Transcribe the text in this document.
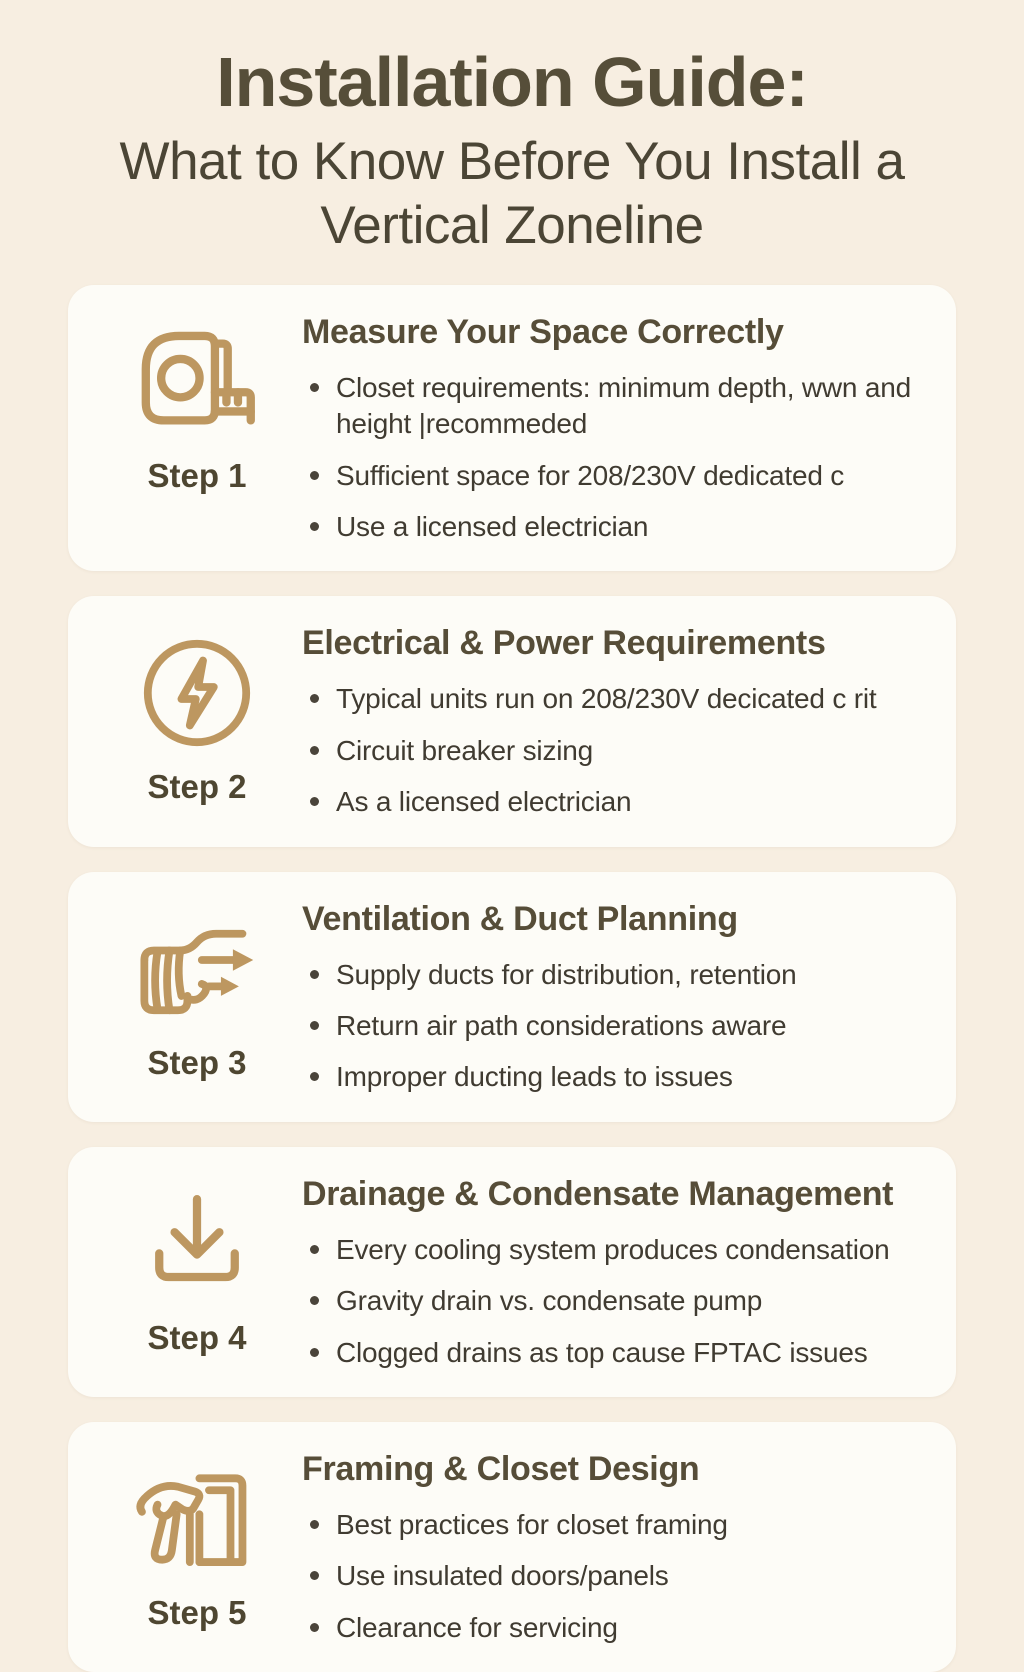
Installation Guide:
What to Know Before You Install a Vertical Zoneline
Step 1
Measure Your Space Correctly
Closet requirements: minimum depth, wwn and height |recommeded
Sufficient space for 208/230V dedicated c
Use a licensed electrician
Step 2
Electrical & Power Requirements
Typical units run on 208/230V decicated c rit
Circuit breaker sizing
As a licensed electrician
Step 3
Ventilation & Duct Planning
Supply ducts for distribution, retention
Return air path considerations aware
Improper ducting leads to issues
Step 4
Drainage & Condensate Management
Every cooling system produces condensation
Gravity drain vs. condensate pump
Clogged drains as top cause FPTAC issues
Step 5
Framing & Closet Design
Best practices for closet framing
Use insulated doors/panels
Clearance for servicing
